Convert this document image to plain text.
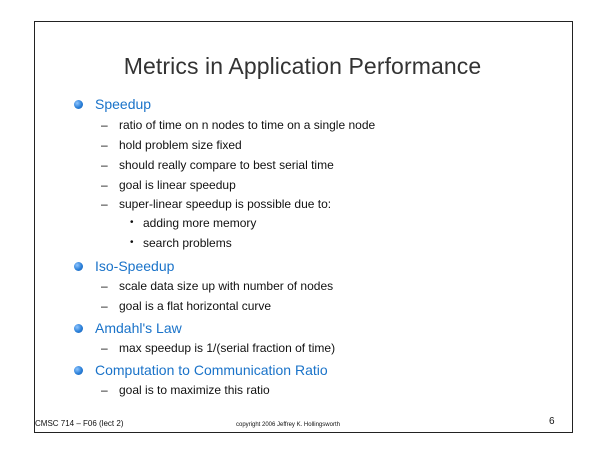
Metrics in Application Performance
Speedup
– ratio of time on n nodes to time on a single node
– hold problem size fixed
– should really compare to best serial time
– goal is linear speedup
– super-linear speedup is possible due to:
• adding more memory
• search problems
Iso-Speedup
– scale data size up with number of nodes
– goal is a flat horizontal curve
Amdahl's Law
– max speedup is 1/(serial fraction of time)
Computation to Communication Ratio
– goal is to maximize this ratio
CMSC 714 – F06 (lect 2)	copyright 2006 Jeffrey K. Hollingsworth	6
